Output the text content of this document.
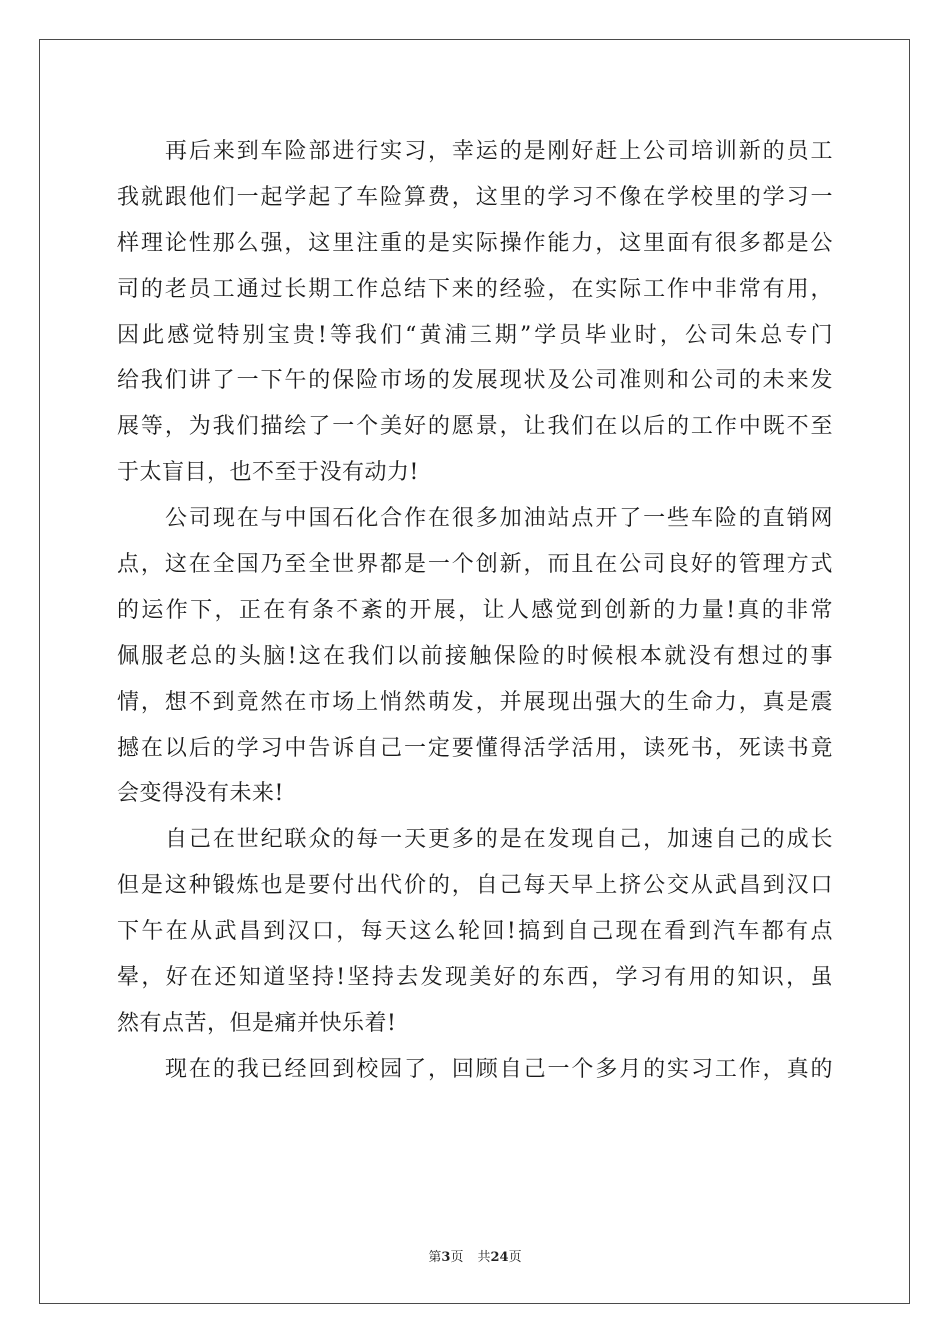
再后来到车险部进行实习，幸运的是刚好赶上公司培训新的员工
我就跟他们一起学起了车险算费，这里的学习不像在学校里的学习一
样理论性那么强，这里注重的是实际操作能力，这里面有很多都是公
司的老员工通过长期工作总结下来的经验，在实际工作中非常有用，
因此感觉特别宝贵!等我们“黄浦三期”学员毕业时，公司朱总专门
给我们讲了一下午的保险市场的发展现状及公司准则和公司的未来发
展等，为我们描绘了一个美好的愿景，让我们在以后的工作中既不至
于太盲目，也不至于没有动力!
公司现在与中国石化合作在很多加油站点开了一些车险的直销网
点，这在全国乃至全世界都是一个创新，而且在公司良好的管理方式
的运作下，正在有条不紊的开展，让人感觉到创新的力量!真的非常
佩服老总的头脑!这在我们以前接触保险的时候根本就没有想过的事
情，想不到竟然在市场上悄然萌发，并展现出强大的生命力，真是震
撼在以后的学习中告诉自己一定要懂得活学活用，读死书，死读书竟
会变得没有未来!
自己在世纪联众的每一天更多的是在发现自己，加速自己的成长
但是这种锻炼也是要付出代价的，自己每天早上挤公交从武昌到汉口
下午在从武昌到汉口，每天这么轮回!搞到自己现在看到汽车都有点
晕，好在还知道坚持!坚持去发现美好的东西，学习有用的知识，虽
然有点苦，但是痛并快乐着!
现在的我已经回到校园了，回顾自己一个多月的实习工作，真的
第3页 共24页
